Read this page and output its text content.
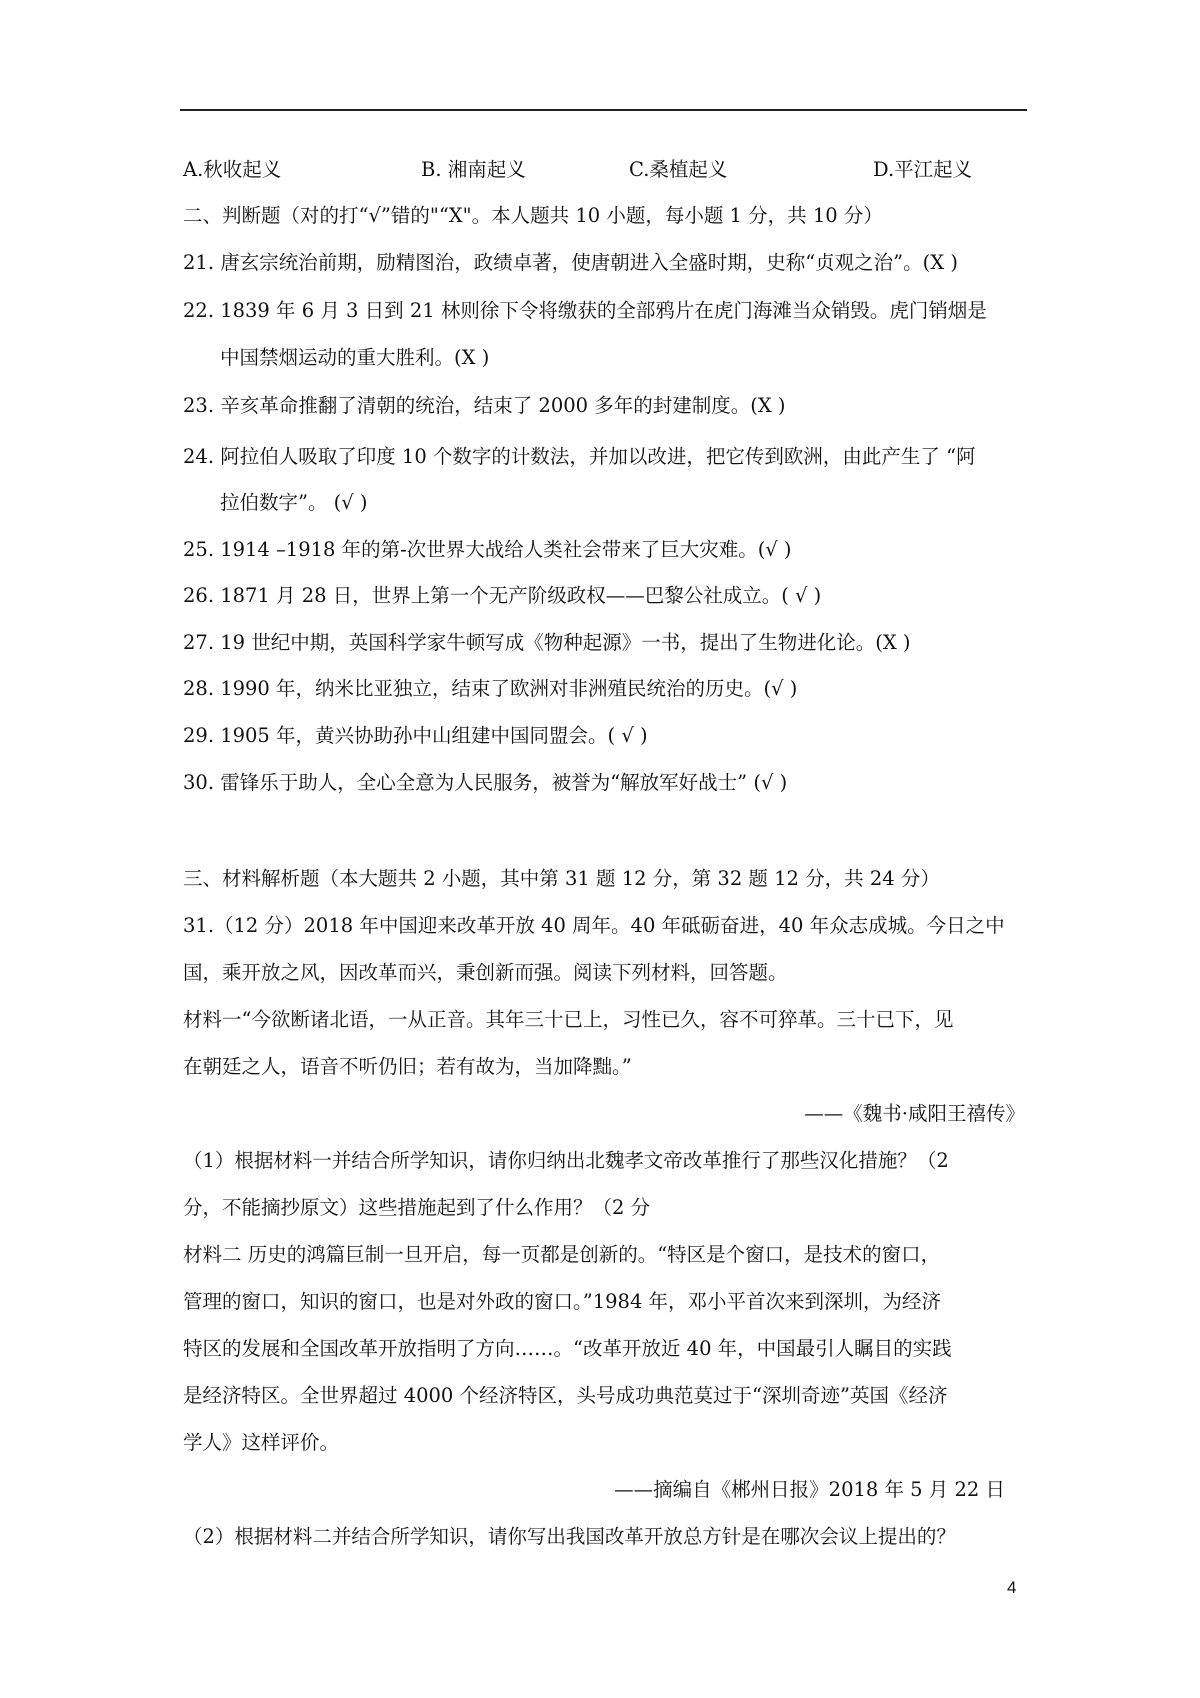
A.秋收起义	B. 湘南起义	C.桑植起义	D.平江起义
二、判断题（对的打“√”错的"“X"。本人题共 10 小题，每小题 1 分，共 10 分）
21. 唐玄宗统治前期，励精图治，政绩卓著，使唐朝进入全盛时期，史称“贞观之治”。(X )
22. 1839 年 6 月 3 日到 21 林则徐下令将缴获的全部鸦片在虎门海滩当众销毁。虎门销烟是
中国禁烟运动的重大胜利。(X )
23. 辛亥革命推翻了清朝的统治，结束了 2000 多年的封建制度。(X )
24. 阿拉伯人吸取了印度 10 个数字的计数法，并加以改进，把它传到欧洲，由此产生了 “阿
拉伯数字”。 (√ )
25. 1914 –1918 年的第-次世界大战给人类社会带来了巨大灾难。(√ )
26. 1871 月 28 日，世界上第一个无产阶级政权——巴黎公社成立。( √ )
27. 19 世纪中期，英国科学家牛顿写成《物种起源》一书，提出了生物进化论。(X )
28. 1990 年，纳米比亚独立，结束了欧洲对非洲殖民统治的历史。(√ )
29. 1905 年，黄兴协助孙中山组建中国同盟会。( √ )
30. 雷锋乐于助人，全心全意为人民服务，被誉为“解放军好战士” (√ )
三、材料解析题（本大题共 2 小题，其中第 31 题 12 分，第 32 题 12 分，共 24 分）
31.（12 分）2018 年中国迎来改革开放 40 周年。40 年砥砺奋进，40 年众志成城。今日之中
国，乘开放之风，因改革而兴，秉创新而强。阅读下列材料，回答题。
材料一“今欲断诸北语，一从正音。其年三十已上，习性已久，容不可猝革。三十已下，见
在朝廷之人，语音不听仍旧；若有故为，当加降黜。”
——《魏书·咸阳王禧传》
（1）根据材料一并结合所学知识，请你归纳出北魏孝文帝改革推行了那些汉化措施？（2
分，不能摘抄原文）这些措施起到了什么作用？（2 分
材料二 历史的鸿篇巨制一旦开启，每一页都是创新的。“特区是个窗口，是技术的窗口，
管理的窗口，知识的窗口，也是对外政的窗口。”1984 年，邓小平首次来到深圳，为经济
特区的发展和全国改革开放指明了方向……。“改革开放近 40 年，中国最引人瞩目的实践
是经济特区。全世界超过 4000 个经济特区，头号成功典范莫过于“深圳奇迹”英国《经济
学人》这样评价。
——摘编自《郴州日报》2018 年 5 月 22 日
（2）根据材料二并结合所学知识，请你写出我国改革开放总方针是在哪次会议上提出的？
4
